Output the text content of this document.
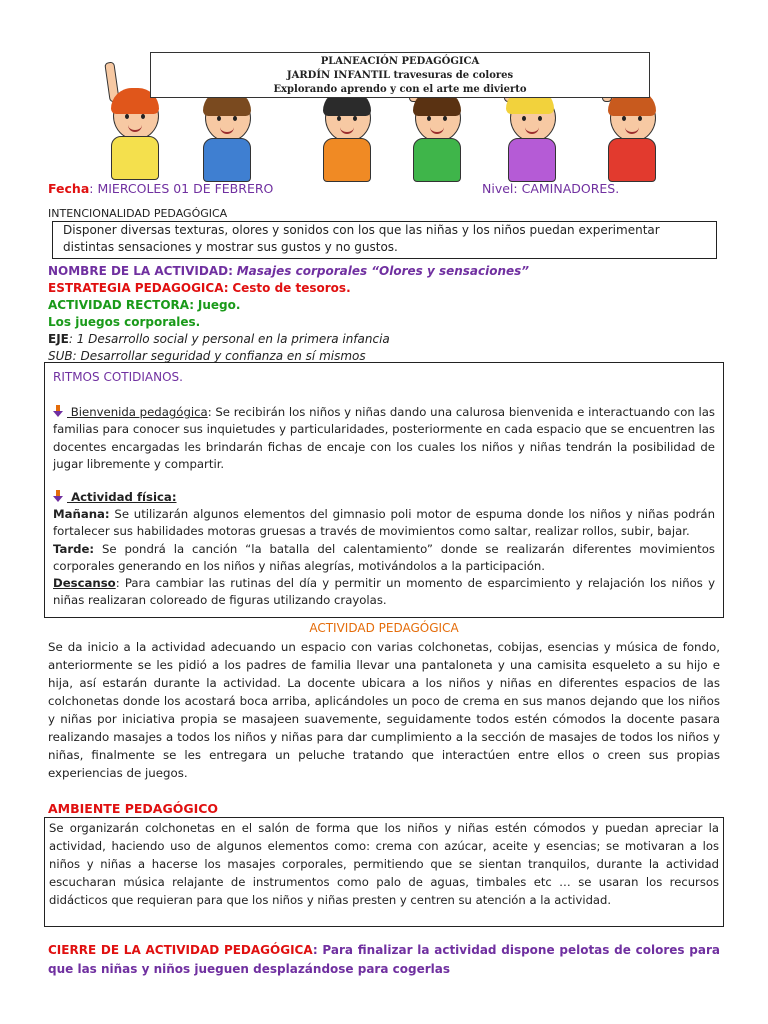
PLANEACIÓN PEDAGÓGICA
JARDÍN INFANTIL travesuras de colores
Explorando aprendo y con el arte me divierto
Fecha: MIERCOLES 01 DE FEBRERO	Nivel: CAMINADORES.
INTENCIONALIDAD PEDAGÓGICA
Disponer diversas texturas, olores y sonidos con los que las niñas y los niños puedan experimentar distintas sensaciones y mostrar sus gustos y no gustos.
NOMBRE DE LA ACTIVIDAD: Masajes corporales “Olores y sensaciones”
ESTRATEGIA PEDAGOGICA: Cesto de tesoros.
ACTIVIDAD RECTORA: Juego.
Los juegos corporales.
EJE: 1 Desarrollo social y personal en la primera infancia
SUB: Desarrollar seguridad y confianza en sí mismos
RITMOS COTIDIANOS.
Bienvenida pedagógica: Se recibirán los niños y niñas dando una calurosa bienvenida e interactuando con las familias para conocer sus inquietudes y particularidades, posteriormente en cada espacio que se encuentren las docentes encargadas les brindarán fichas de encaje con los cuales los niños y niñas tendrán la posibilidad de jugar libremente y compartir.
Actividad física:
Mañana: Se utilizarán algunos elementos del gimnasio poli motor de espuma donde los niños y niñas podrán fortalecer sus habilidades motoras gruesas a través de movimientos como saltar, realizar rollos, subir, bajar.
Tarde: Se pondrá la canción “la batalla del calentamiento” donde se realizarán diferentes movimientos corporales generando en los niños y niñas alegrías, motivándolos a la participación.
Descanso: Para cambiar las rutinas del día y permitir un momento de esparcimiento y relajación los niños y niñas realizaran coloreado de figuras utilizando crayolas.
ACTIVIDAD PEDAGÓGICA
Se da inicio a la actividad adecuando un espacio con varias colchonetas, cobijas, esencias y música de fondo, anteriormente se les pidió a los padres de familia llevar una pantaloneta y una camisita esqueleto a su hijo e hija, así estarán durante la actividad. La docente ubicara a los niños y niñas en diferentes espacios de las colchonetas donde los acostará boca arriba, aplicándoles un poco de crema en sus manos dejando que los niños y niñas por iniciativa propia se masajeen suavemente, seguidamente todos estén cómodos la docente pasara realizando masajes a todos los niños y niñas para dar cumplimiento a la sección de masajes de todos los niños y niñas, finalmente se les entregara un peluche tratando que interactúen entre ellos o creen sus propias experiencias de juegos.
AMBIENTE PEDAGÓGICO
Se organizarán colchonetas en el salón de forma que los niños y niñas estén cómodos y puedan apreciar la actividad, haciendo uso de algunos elementos como: crema con azúcar, aceite y esencias; se motivaran a los niños y niñas a hacerse los masajes corporales, permitiendo que se sientan tranquilos, durante la actividad escucharan música relajante de instrumentos como palo de aguas, timbales etc … se usaran los recursos didácticos que requieran para que los niños y niñas presten y centren su atención a la actividad.
CIERRE DE LA ACTIVIDAD PEDAGÓGICA: Para finalizar la actividad dispone pelotas de colores para que las niñas y niños jueguen desplazándose para cogerlas
